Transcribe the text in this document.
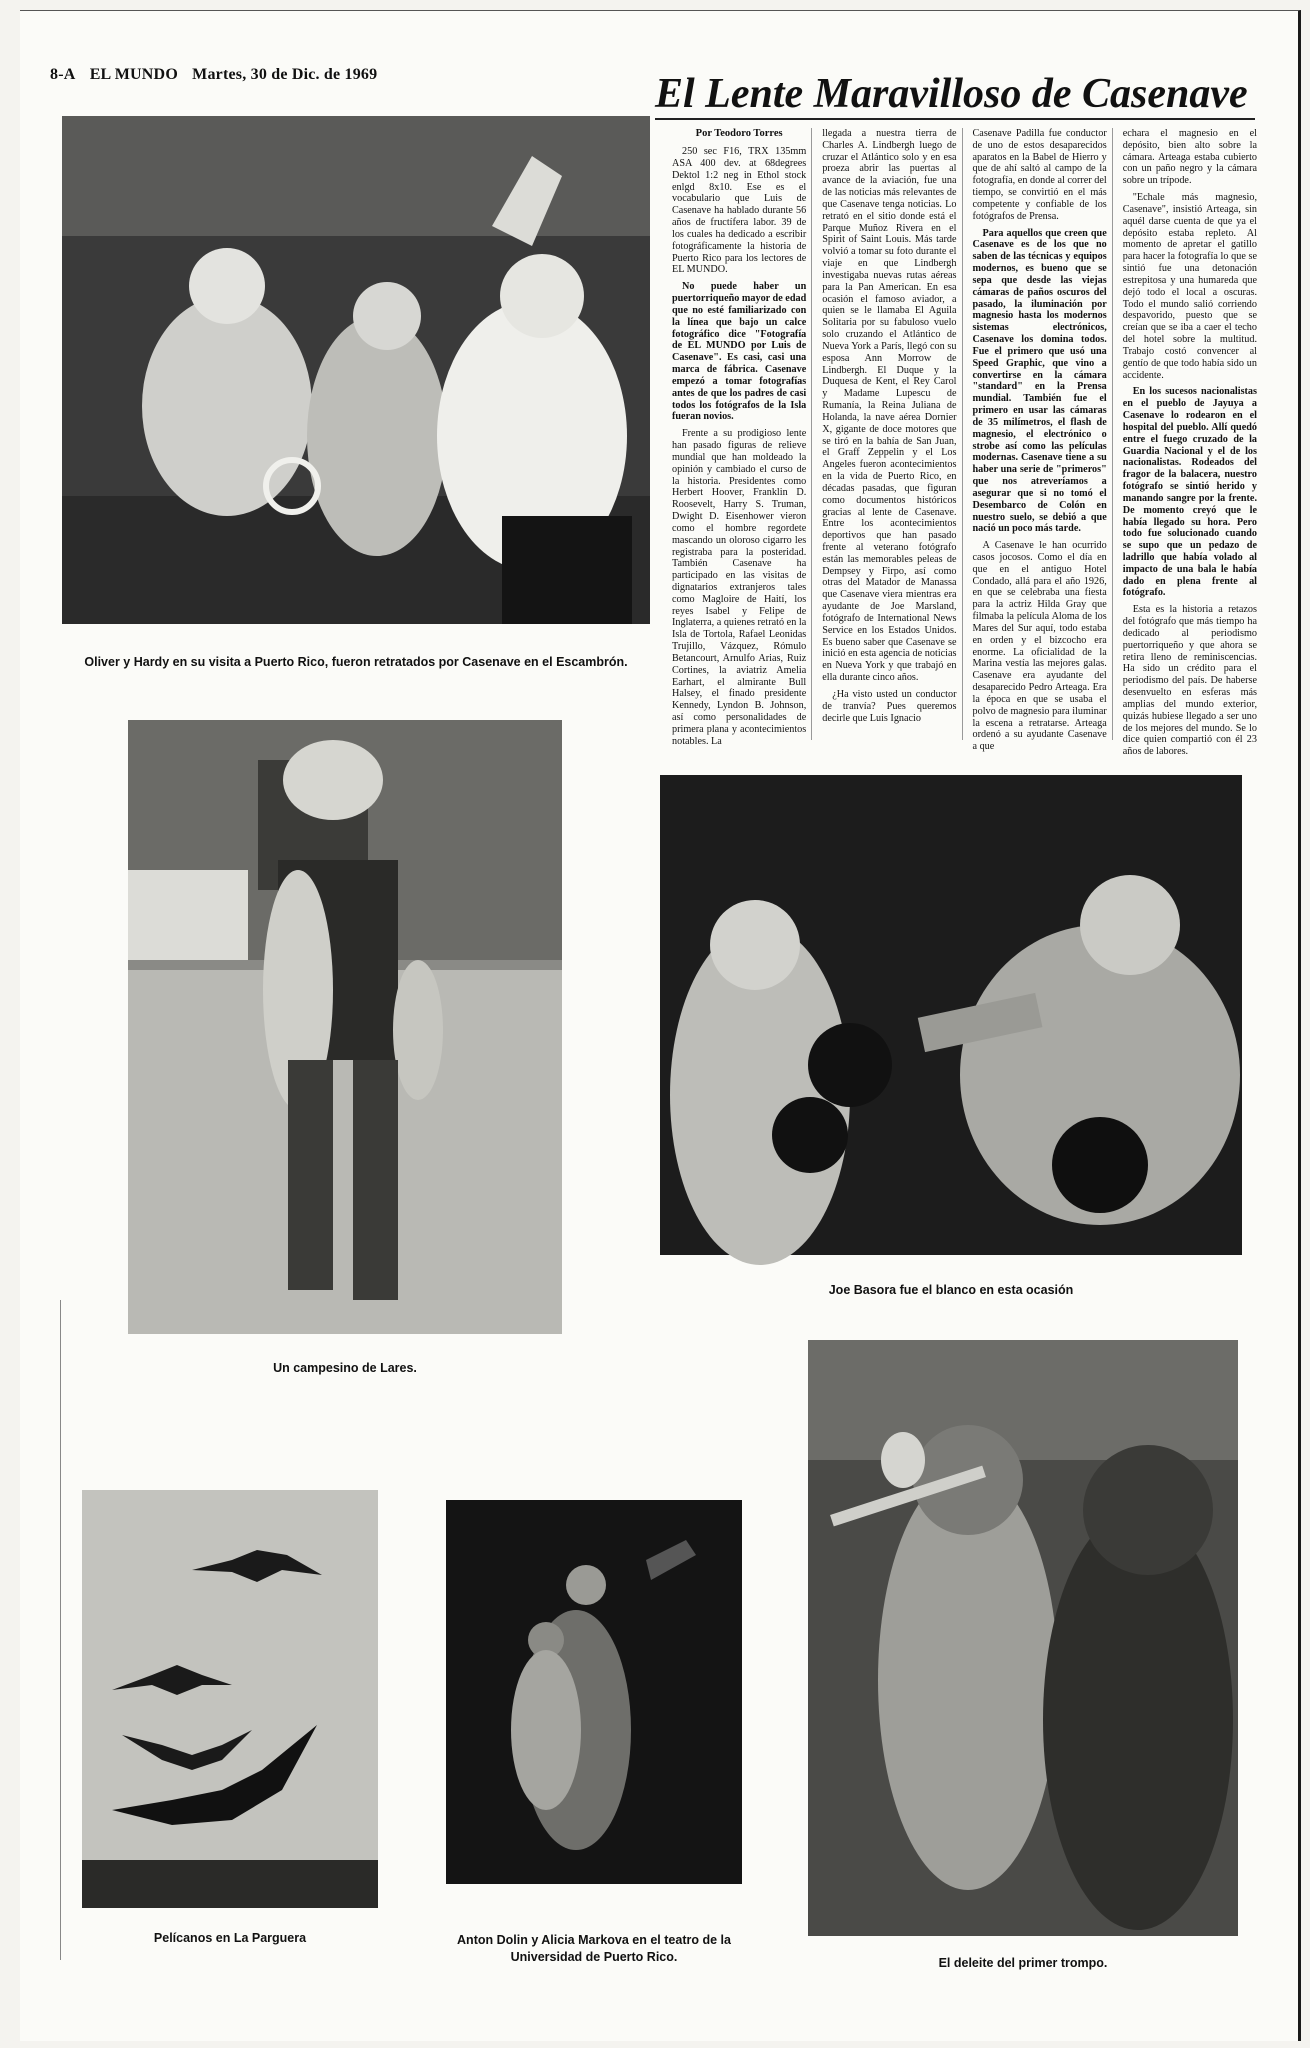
8-A EL MUNDO Martes, 30 de Dic. de 1969	El Lente Maravilloso de Casenave
Oliver y Hardy en su visita a Puerto Rico, fueron retratados por Casenave en el Escambrón.
Por Teodoro Torres

250 sec F16, TRX 135mm ASA 400 dev. at 68degrees Dektol 1:2 neg in Ethol stock enlgd 8x10. Ese es el vocabulario que Luis de Casenave ha hablado durante 56 años de fructífera labor. 39 de los cuales ha dedicado a escribir fotográficamente la historia de Puerto Rico para los lectores de EL MUNDO.

No puede haber un puertorriqueño mayor de edad que no esté familiarizado con la línea que bajo un calce fotográfico dice "Fotografía de EL MUNDO por Luis de Casenave". Es casi, casi una marca de fábrica. Casenave empezó a tomar fotografías antes de que los padres de casi todos los fotógrafos de la Isla fueran novios.

Frente a su prodigioso lente han pasado figuras de relieve mundial que han moldeado la opinión y cambiado el curso de la historia. Presidentes como Herbert Hoover, Franklin D. Roosevelt, Harry S. Truman, Dwight D. Eisenhower vieron como el hombre regordete mascando un oloroso cigarro les registraba para la posteridad. También Casenave ha participado en las visitas de dignatarios extranjeros tales como Magloire de Haití, los reyes Isabel y Felipe de Inglaterra, a quienes retrató en la Isla de Tortola, Rafael Leonidas Trujillo, Vázquez, Rómulo Betancourt, Arnulfo Arias, Ruiz Cortines, la aviatriz Amelia Earhart, el almirante Bull Halsey, el finado presidente Kennedy, Lyndon B. Johnson, así como personalidades de primera plana y acontecimientos notables. La

llegada a nuestra tierra de Charles A. Lindbergh luego de cruzar el Atlántico solo y en esa proeza abrir las puertas al avance de la aviación, fue una de las noticias más relevantes de que Casenave tenga noticias. Lo retrató en el sitio donde está el Parque Muñoz Rivera en el Spirit of Saint Louis. Más tarde volvió a tomar su foto durante el viaje en que Lindbergh investigaba nuevas rutas aéreas para la Pan American. En esa ocasión el famoso aviador, a quien se le llamaba El Aguila Solitaria por su fabuloso vuelo solo cruzando el Atlántico de Nueva York a París, llegó con su esposa Ann Morrow de Lindbergh. El Duque y la Duquesa de Kent, el Rey Carol y Madame Lupescu de Rumanía, la Reina Juliana de Holanda, la nave aérea Dornier X, gigante de doce motores que se tiró en la bahía de San Juan, el Graff Zeppelin y el Los Angeles fueron acontecimientos en la vida de Puerto Rico, en décadas pasadas, que figuran como documentos históricos gracias al lente de Casenave. Entre los acontecimientos deportivos que han pasado frente al veterano fotógrafo están las memorables peleas de Dempsey y Firpo, así como otras del Matador de Manassa que Casenave viera mientras era ayudante de Joe Marsland, fotógrafo de International News Service en los Estados Unidos. Es bueno saber que Casenave se inició en esta agencia de noticias en Nueva York y que trabajó en ella durante cinco años.

¿Ha visto usted un conductor de tranvía? Pues queremos decirle que Luis Ignacio

Casenave Padilla fue conductor de uno de estos desaparecidos aparatos en la Babel de Hierro y que de ahí saltó al campo de la fotografía, en donde al correr del tiempo, se convirtió en el más competente y confiable de los fotógrafos de Prensa.

Para aquellos que creen que Casenave es de los que no saben de las técnicas y equipos modernos, es bueno que se sepa que desde las viejas cámaras de paños oscuros del pasado, la iluminación por magnesio hasta los modernos sistemas electrónicos, Casenave los domina todos. Fue el primero que usó una Speed Graphic, que vino a convertirse en la cámara "standard" en la Prensa mundial. También fue el primero en usar las cámaras de 35 milímetros, el flash de magnesio, el electrónico o strobe así como las películas modernas. Casenave tiene a su haber una serie de "primeros" que nos atreveríamos a asegurar que si no tomó el Desembarco de Colón en nuestro suelo, se debió a que nació un poco más tarde.

A Casenave le han ocurrido casos jocosos. Como el día en que en el antiguo Hotel Condado, allá para el año 1926, en que se celebraba una fiesta para la actriz Hilda Gray que filmaba la película Aloma de los Mares del Sur aquí, todo estaba en orden y el bizcocho era enorme. La oficialidad de la Marina vestía las mejores galas. Casenave era ayudante del desaparecido Pedro Arteaga. Era la época en que se usaba el polvo de magnesio para iluminar la escena a retratarse. Arteaga ordenó a su ayudante Casenave a que

echara el magnesio en el depósito, bien alto sobre la cámara. Arteaga estaba cubierto con un paño negro y la cámara sobre un trípode.

"Echale más magnesio, Casenave", insistió Arteaga, sin aquél darse cuenta de que ya el depósito estaba repleto. Al momento de apretar el gatillo para hacer la fotografía lo que se sintió fue una detonación estrepitosa y una humareda que dejó todo el local a oscuras. Todo el mundo salió corriendo despavorido, puesto que se creían que se iba a caer el techo del hotel sobre la multitud. Trabajo costó convencer al gentío de que todo había sido un accidente.

En los sucesos nacionalistas en el pueblo de Jayuya a Casenave lo rodearon en el hospital del pueblo. Allí quedó entre el fuego cruzado de la Guardia Nacional y el de los nacionalistas. Rodeados del fragor de la balacera, nuestro fotógrafo se sintió herido y manando sangre por la frente. De momento creyó que le había llegado su hora. Pero todo fue solucionado cuando se supo que un pedazo de ladrillo que había volado al impacto de una bala le había dado en plena frente al fotógrafo.

Esta es la historia a retazos del fotógrafo que más tiempo ha dedicado al periodismo puertorriqueño y que ahora se retira lleno de reminiscencias. Ha sido un crédito para el periodismo del país. De haberse desenvuelto en esferas más amplias del mundo exterior, quizás hubiese llegado a ser uno de los mejores del mundo. Se lo dice quien compartió con él 23 años de labores.

Un campesino de Lares.
Joe Basora fue el blanco en esta ocasión
Pelícanos en La Parguera	Anton Dolin y Alicia Markova en el teatro de la Universidad de Puerto Rico.	El deleite del primer trompo.
